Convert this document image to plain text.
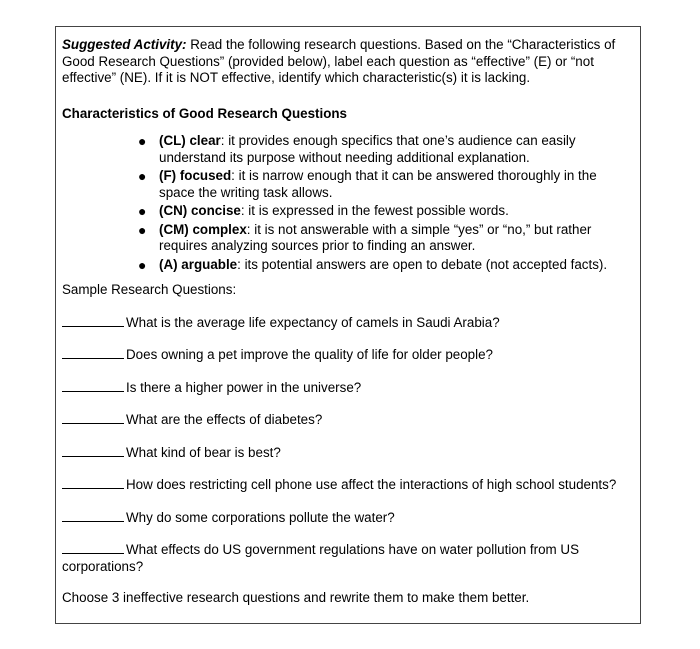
Suggested Activity: Read the following research questions. Based on the “Characteristics of Good Research Questions” (provided below), label each question as “effective” (E) or “not effective” (NE). If it is NOT effective, identify which characteristic(s) it is lacking.

Characteristics of Good Research Questions

● (CL) clear: it provides enough specifics that one’s audience can easily understand its purpose without needing additional explanation.
● (F) focused: it is narrow enough that it can be answered thoroughly in the space the writing task allows.
● (CN) concise: it is expressed in the fewest possible words.
● (CM) complex: it is not answerable with a simple “yes” or “no,” but rather requires analyzing sources prior to finding an answer.
● (A) arguable: its potential answers are open to debate (not accepted facts).

Sample Research Questions:

What is the average life expectancy of camels in Saudi Arabia?

Does owning a pet improve the quality of life for older people?

Is there a higher power in the universe?

What are the effects of diabetes?

What kind of bear is best?

How does restricting cell phone use affect the interactions of high school students?

Why do some corporations pollute the water?

What effects do US government regulations have on water pollution from US corporations?

Choose 3 ineffective research questions and rewrite them to make them better.
